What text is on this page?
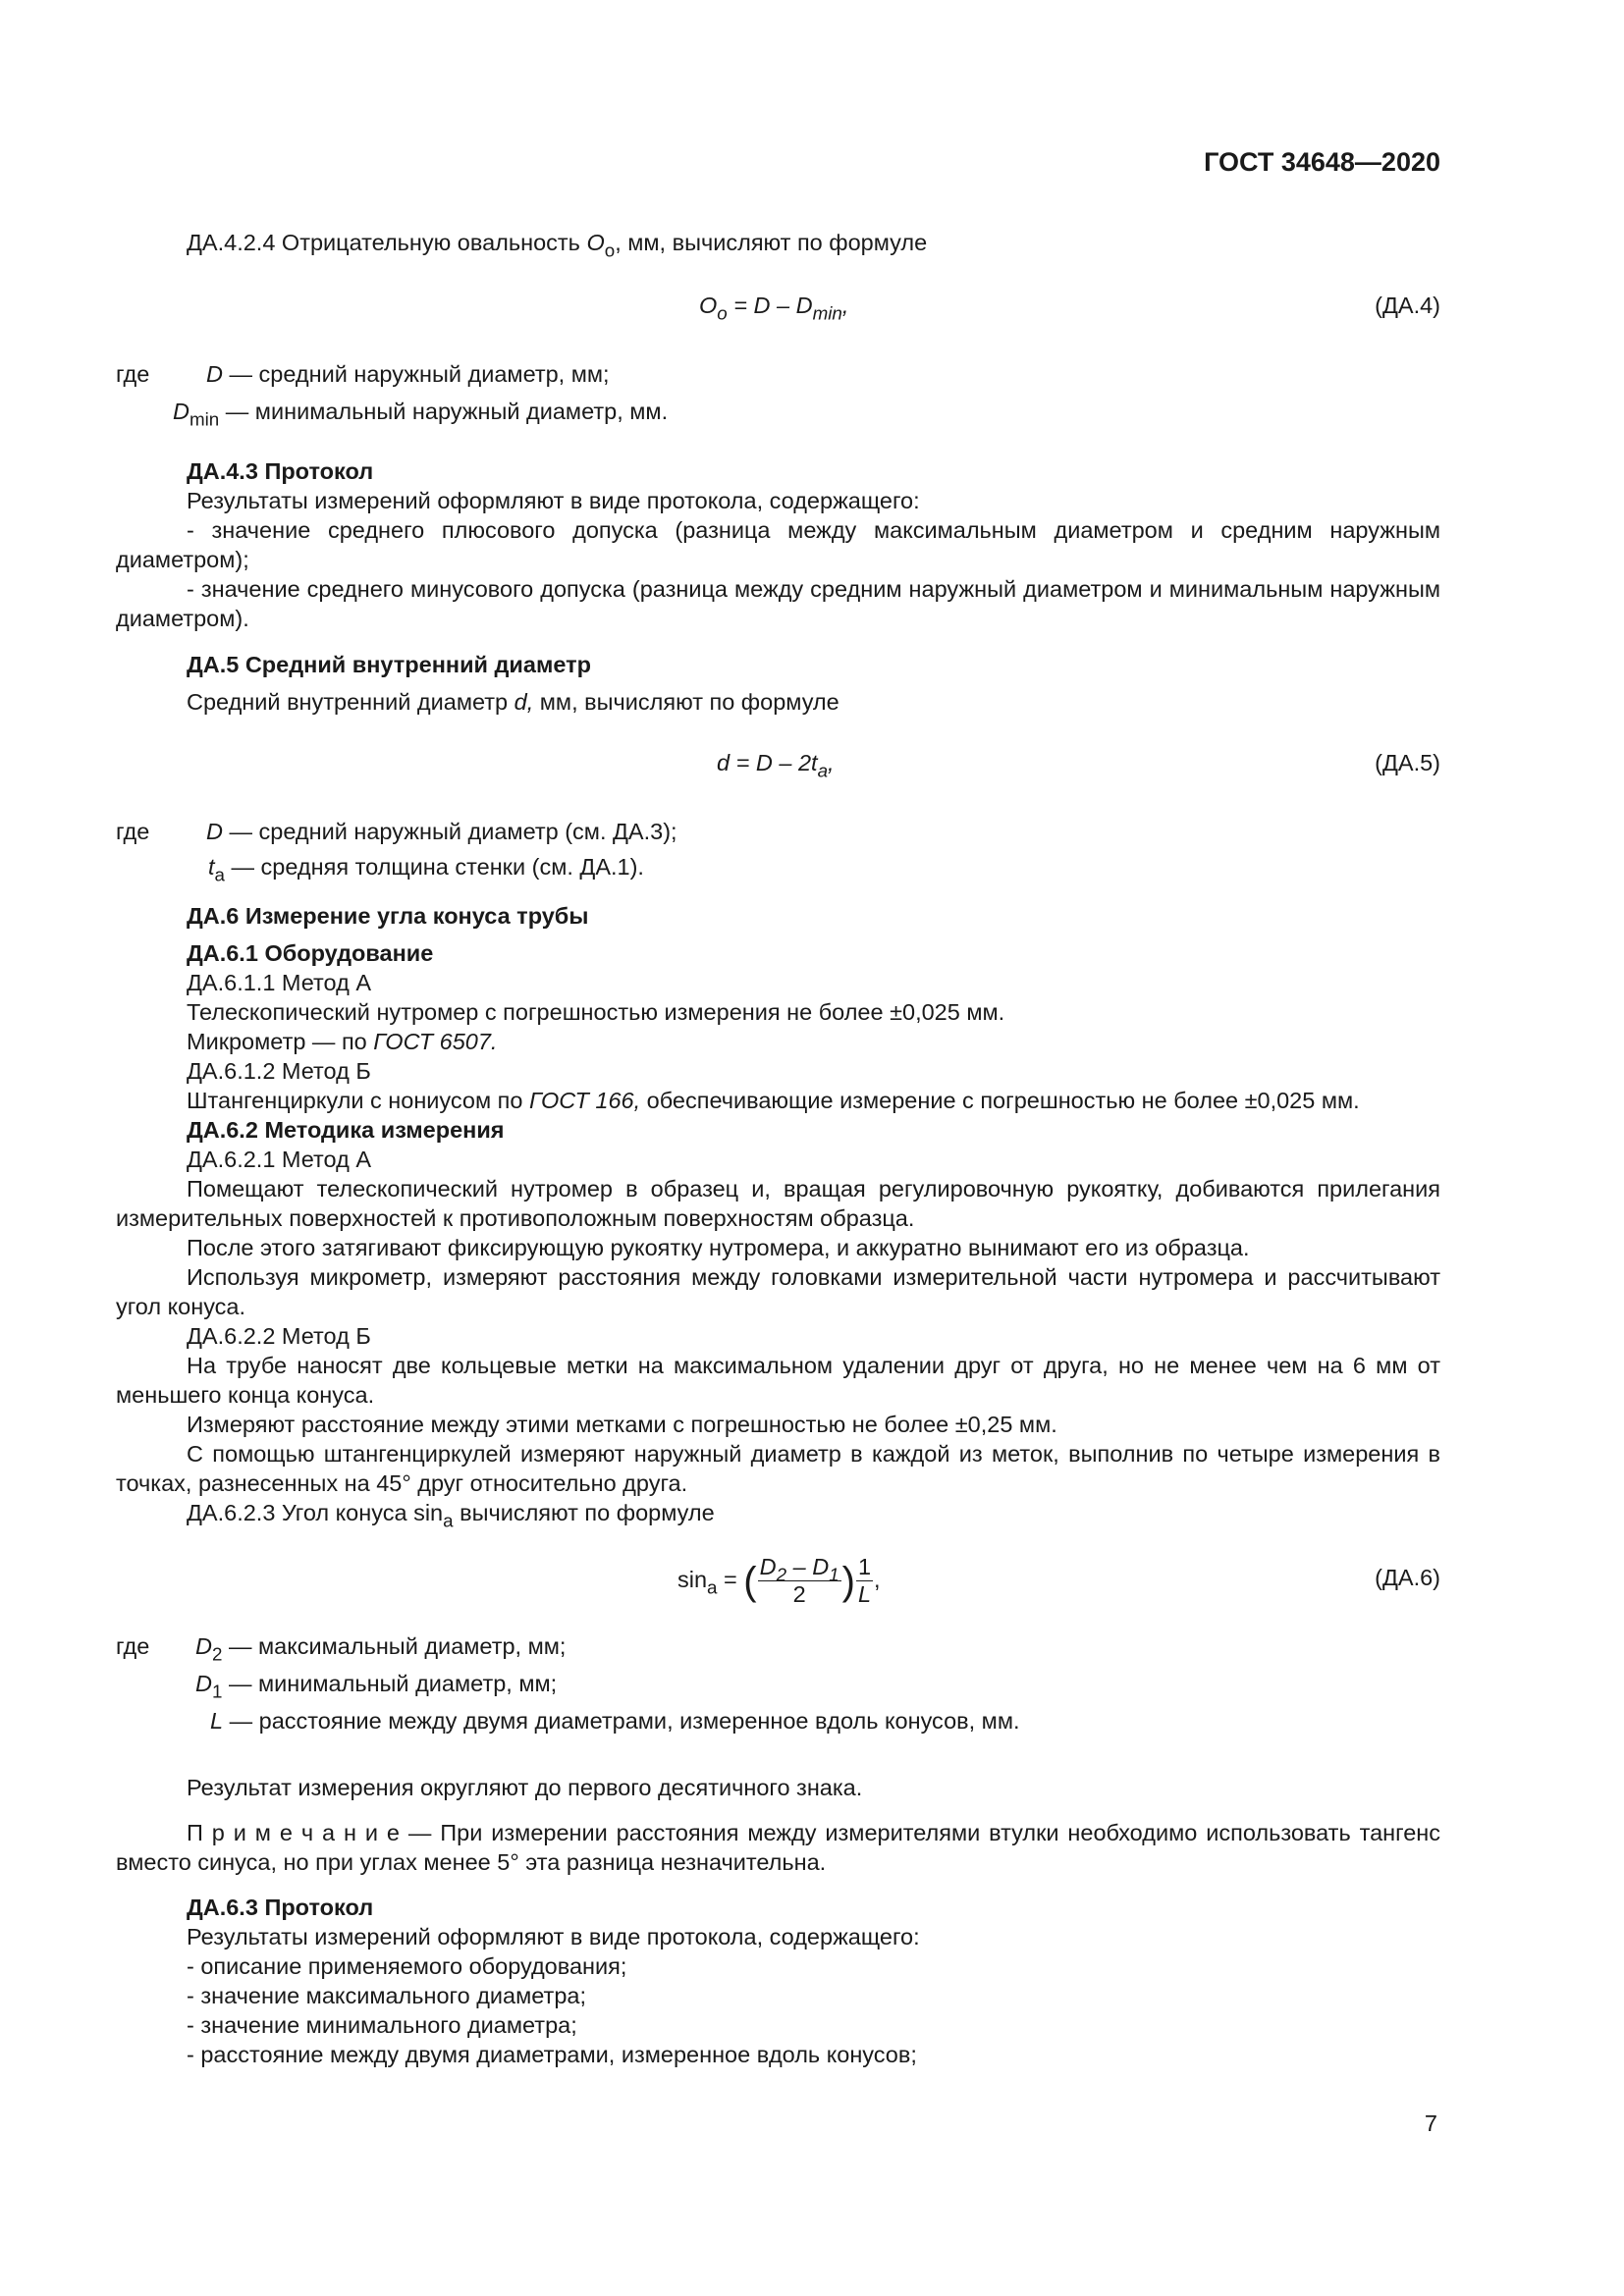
ГОСТ 34648—2020
ДА.4.2.4 Отрицательную овальность $O_o$, мм, вычисляют по формуле
$O_o = D - D_{min}$,	(ДА.4)
где D — средний наружный диаметр, мм;
$D_{min}$ — минимальный наружный диаметр, мм.
ДА.4.3 Протокол
Результаты измерений оформляют в виде протокола, содержащего:
- значение среднего плюсового допуска (разница между максимальным диаметром и средним наружным диаметром);
- значение среднего минусового допуска (разница между средним наружный диаметром и минимальным наружным диаметром).
ДА.5 Средний внутренний диаметр
Средний внутренний диаметр d, мм, вычисляют по формуле
$d = D - 2t_a$,	(ДА.5)
где D — средний наружный диаметр (см. ДА.3);
$t_a$ — средняя толщина стенки (см. ДА.1).
ДА.6 Измерение угла конуса трубы
ДА.6.1 Оборудование
ДА.6.1.1 Метод А
Телескопический нутромер с погрешностью измерения не более ±0,025 мм.
Микрометр — по ГОСТ 6507.
ДА.6.1.2 Метод Б
Штангенциркули с нониусом по ГОСТ 166, обеспечивающие измерение с погрешностью не более ±0,025 мм.
ДА.6.2 Методика измерения
ДА.6.2.1 Метод А
Помещают телескопический нутромер в образец и, вращая регулировочную рукоятку, добиваются прилегания измерительных поверхностей к противоположным поверхностям образца.
После этого затягивают фиксирующую рукоятку нутромера, и аккуратно вынимают его из образца.
Используя микрометр, измеряют расстояния между головками измерительной части нутромера и рассчитывают угол конуса.
ДА.6.2.2 Метод Б
На трубе наносят две кольцевые метки на максимальном удалении друг от друга, но не менее чем на 6 мм от меньшего конца конуса.
Измеряют расстояние между этими метками с погрешностью не более ±0,25 мм.
С помощью штангенциркулей измеряют наружный диаметр в каждой из меток, выполнив по четыре измерения в точках, разнесенных на 45° друг относительно друга.
ДА.6.2.3 Угол конуса $\sin_a$ вычисляют по формуле
$\sin_a$ = ( $\frac{D_2 - D_1}{2}$ ) $\frac{1}{L}$ ,	(ДА.6)
где $D_2$ — максимальный диаметр, мм;
$D_1$ — минимальный диаметр, мм;
L — расстояние между двумя диаметрами, измеренное вдоль конусов, мм.
Результат измерения округляют до первого десятичного знака.
П р и м е ч а н и е — При измерении расстояния между измерителями втулки необходимо использовать тангенс вместо синуса, но при углах менее 5° эта разница незначительна.
ДА.6.3 Протокол
Результаты измерений оформляют в виде протокола, содержащего:
- описание применяемого оборудования;
- значение максимального диаметра;
- значение минимального диаметра;
- расстояние между двумя диаметрами, измеренное вдоль конусов;
7
